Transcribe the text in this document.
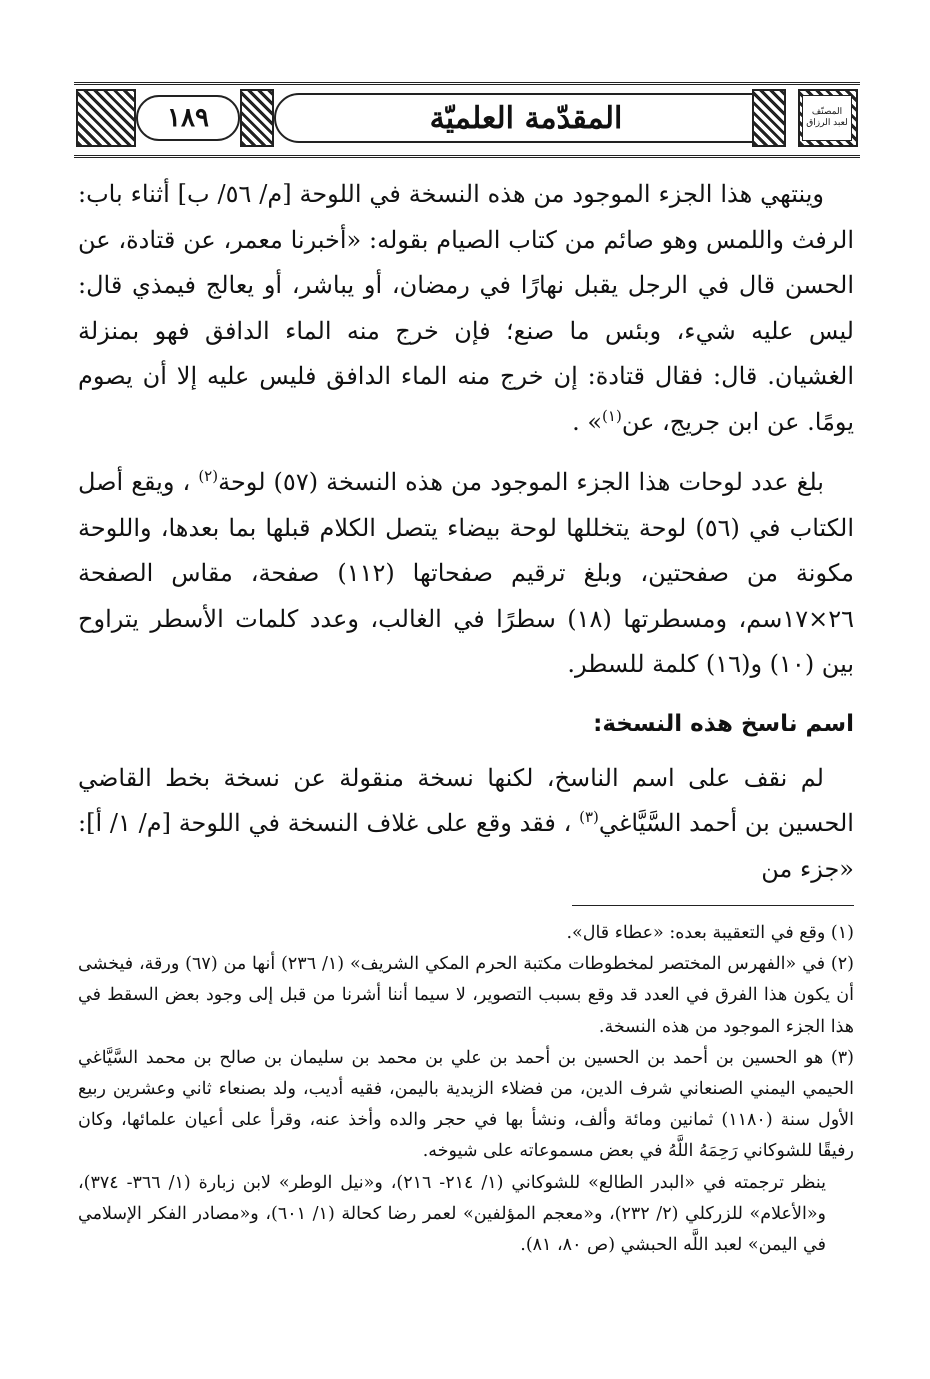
١٨٩	المقدّمة العلميّة	المصنّف
لعبد الرزاق

وينتهي هذا الجزء الموجود من هذه النسخة في اللوحة [م/ ٥٦/ ب] أثناء باب: الرفث واللمس وهو صائم من كتاب الصيام بقوله: «أخبرنا معمر، عن قتادة، عن الحسن قال في الرجل يقبل نهارًا في رمضان، أو يباشر، أو يعالج فيمذي قال: ليس عليه شيء، وبئس ما صنع؛ فإن خرج منه الماء الدافق فهو بمنزلة الغشيان. قال: فقال قتادة: إن خرج منه الماء الدافق فليس عليه إلا أن يصوم يومًا. عن ابن جريج، عن$^{(١)}$» .

بلغ عدد لوحات هذا الجزء الموجود من هذه النسخة (٥٧) لوحة$^{(٢)}$ ، ويقع أصل الكتاب في (٥٦) لوحة يتخللها لوحة بيضاء يتصل الكلام قبلها بما بعدها، واللوحة مكونة من صفحتين، وبلغ ترقيم صفحاتها (١١٢) صفحة، مقاس الصفحة ٢٦×١٧سم، ومسطرتها (١٨) سطرًا في الغالب، وعدد كلمات الأسطر يتراوح بين (١٠) و(١٦) كلمة للسطر.

اسم ناسخ هذه النسخة:

لم نقف على اسم الناسخ، لكنها نسخة منقولة عن نسخة بخط القاضي الحسين بن أحمد السَّيَّاغي$^{(٣)}$ ، فقد وقع على غلاف النسخة في اللوحة [م/ ١/ أ]: «جزء من

(١) وقع في التعقيبة بعده: «عطاء قال».

(٢) في «الفهرس المختصر لمخطوطات مكتبة الحرم المكي الشريف» (١/ ٢٣٦) أنها من (٦٧) ورقة، فيخشى أن يكون هذا الفرق في العدد قد وقع بسبب التصوير، لا سيما أننا أشرنا من قبل إلى وجود بعض السقط في هذا الجزء الموجود من هذه النسخة.

(٣) هو الحسين بن أحمد بن الحسين بن أحمد بن علي بن محمد بن سليمان بن صالح بن محمد السَّيَّاغي الحيمي اليمني الصنعاني شرف الدين، من فضلاء الزيدية باليمن، فقيه أديب، ولد بصنعاء ثاني وعشرين ربيع الأول سنة (١١٨٠) ثمانين ومائة وألف، ونشأ بها في حجر والده وأخذ عنه، وقرأ على أعيان علمائها، وكان رفيقًا للشوكاني رَحِمَهُ اللَّهُ في بعض مسموعاته على شيوخه.

ينظر ترجمته في «البدر الطالع» للشوكاني (١/ ٢١٤- ٢١٦)، و«نيل الوطر» لابن زبارة (١/ ٣٦٦- ٣٧٤)، و«الأعلام» للزركلي (٢/ ٢٣٢)، و«معجم المؤلفين» لعمر رضا كحالة (١/ ٦٠١)، و«مصادر الفكر الإسلامي في اليمن» لعبد اللَّه الحبشي (ص ٨٠، ٨١).
